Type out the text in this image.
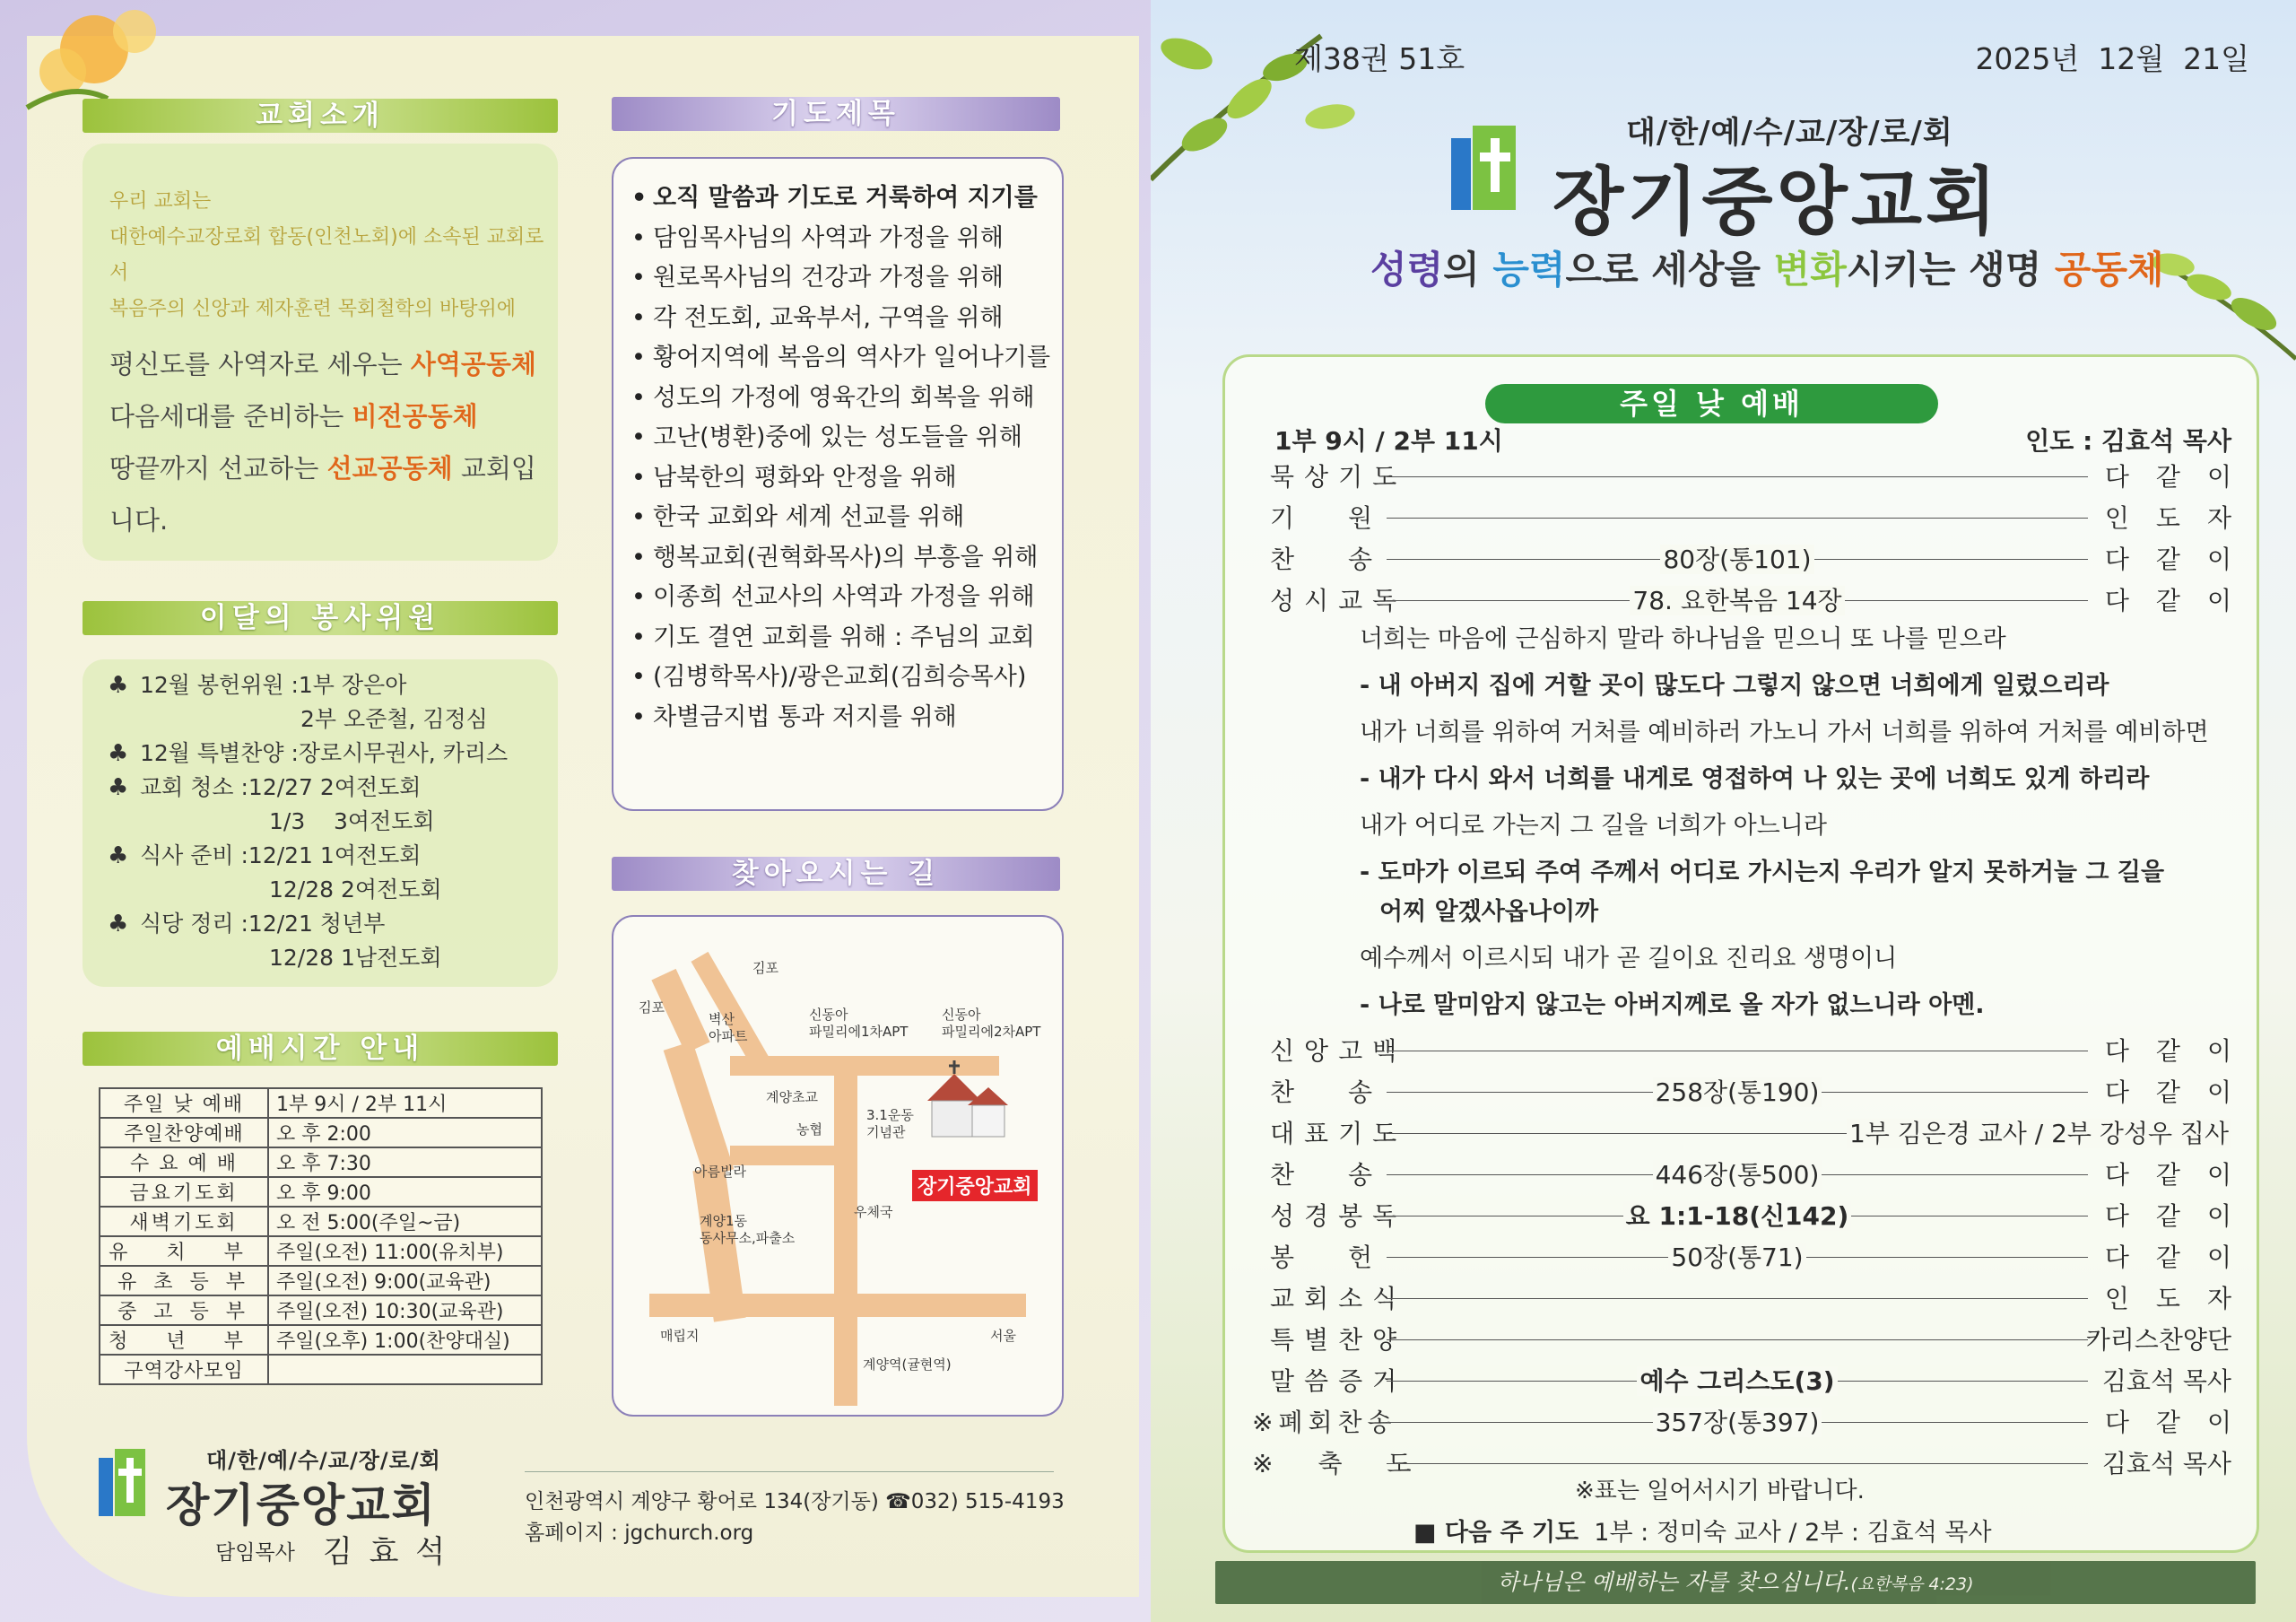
교회소개
우리 교회는
대한예수교장로회 합동(인천노회)에 소속된 교회로서
복음주의 신앙과 제자훈련 목회철학의 바탕위에
평신도를 사역자로 세우는 사역공동체
다음세대를 준비하는 비전공동체
땅끝까지 선교하는 선교공동체 교회입니다.
이달의 봉사위원
♣ 12월 봉헌위원 : 1부 장은아
2부 오준철, 김정심
♣ 12월 특별찬양 : 장로시무권사, 카리스
♣ 교회 청소 : 12/27 2여전도회
1/3    3여전도회
♣ 식사 준비 : 12/21 1여전도회
12/28 2여전도회
♣ 식당 정리 : 12/21 청년부
12/28 1남전도회
예배시간 안내
주일 낮 예배	1부 9시 / 2부 11시
주일찬양예배	오 후 2:00
수 요 예 배	오 후 7:30
금요기도회	오 후 9:00
새벽기도회	오 전 5:00(주일~금)
유 치 부	주일(오전) 11:00(유치부)
유 초 등 부	주일(오전) 9:00(교육관)
중 고 등 부	주일(오전) 10:30(교육관)
청 년 부	주일(오후) 1:00(찬양대실)
구역강사모임	
기도제목
• 오직 말씀과 기도로 거룩하여 지기를
• 담임목사님의 사역과 가정을 위해
• 원로목사님의 건강과 가정을 위해
• 각 전도회, 교육부서, 구역을 위해
• 황어지역에 복음의 역사가 일어나기를
• 성도의 가정에 영육간의 회복을 위해
• 고난(병환)중에 있는 성도들을 위해
• 남북한의 평화와 안정을 위해
• 한국 교회와 세계 선교를 위해
• 행복교회(권혁화목사)의 부흥을 위해
• 이종희 선교사의 사역과 가정을 위해
• 기도 결연 교회를 위해 : 주님의 교회
• (김병학목사)/광은교회(김희승목사)
• 차별금지법 통과 저지를 위해
찾아오시는 길
김포
김포
벽산
아파트
신동아
파밀리에1차APT
신동아
파밀리에2차APT
계양초교
농협
3.1운동
기념관
아름빌라
계양1동
동사무소,파출소
우체국
장기중앙교회
매립지	서울
계양역(귤현역)
대/한/예/수/교/장/로/회
장기중앙교회
담임목사 김 효 석
인천광역시 계양구 황어로 134(장기동) ☎032) 515-4193
홈페이지 : jgchurch.org
제38권 51호	2025년  12월  21일
대/한/예/수/교/장/로/회
장기중앙교회
성령의 능력으로 세상을 변화시키는 생명 공동체
주일 낮 예배
1부 9시 / 2부 11시	인도 : 김효석 목사
묵상기도	다같이
기원	인도자
찬송	80장(통101)	다같이
성시교독	78. 요한복음 14장	다같이
너희는 마음에 근심하지 말라 하나님을 믿으니 또 나를 믿으라
- 내 아버지 집에 거할 곳이 많도다 그렇지 않으면 너희에게 일렀으리라
내가 너희를 위하여 거처를 예비하러 가노니 가서 너희를 위하여 거처를 예비하면
- 내가 다시 와서 너희를 내게로 영접하여 나 있는 곳에 너희도 있게 하리라
내가 어디로 가는지 그 길을 너희가 아느니라
- 도마가 이르되 주여 주께서 어디로 가시는지 우리가 알지 못하거늘 그 길을
어찌 알겠사옵나이까
예수께서 이르시되 내가 곧 길이요 진리요 생명이니
- 나로 말미암지 않고는 아버지께로 올 자가 없느니라 아멘.
신앙고백	다같이
찬송	258장(통190)	다같이
대표기도	1부 김은경 교사 / 2부 강성우 집사
찬송	446장(통500)	다같이
성경봉독	요 1:1-18(신142)	다같이
봉헌	50장(통71)	다같이
교회소식	인도자
특별찬양	카리스찬양단
말씀증거	예수 그리스도(3)	김효석 목사
※폐회찬송	357장(통397)	다같이
※축도	김효석 목사
※표는 일어서시기 바랍니다.
■ 다음 주 기도 1부 : 정미숙 교사 / 2부 : 김효석 목사
하나님은 예배하는 자를 찾으십니다.(요한복음 4:23)
